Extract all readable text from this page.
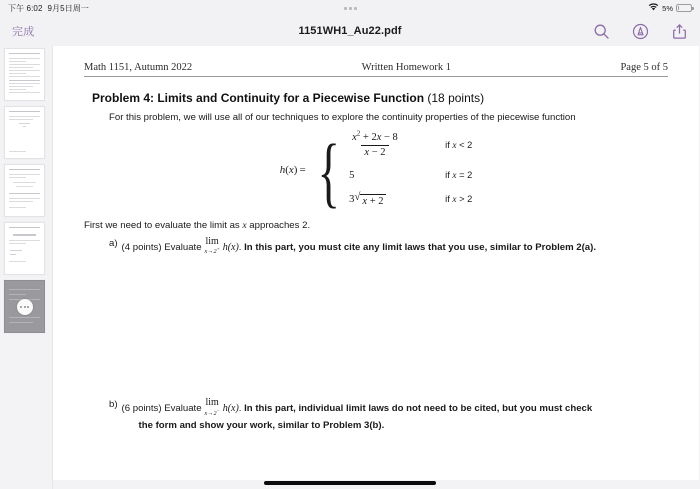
下午 6:02 9月5日周一	5%
完成	1151WH1_Au22.pdf
Math 1151, Autumn 2022	Written Homework 1	Page 5 of 5
Problem 4: Limits and Continuity for a Piecewise Function (18 points)
For this problem, we will use all of our techniques to explore the continuity properties of the piecewise function
h(x) = { $\frac{x^2 + 2x - 8}{x - 2}$	if x < 2
5	if x = 2
3 √ x + 2	if x > 2
First we need to evaluate the limit as x approaches 2.
a) (4 points) Evaluate
lim
x→2+ h(x). In this part, you must cite any limit laws that you use, similar to Problem 2(a).
b) (6 points) Evaluate
lim
x→2− h(x). In this part, individual limit laws do not need to be cited, but you must check
the form and show your work, similar to Problem 3(b).
